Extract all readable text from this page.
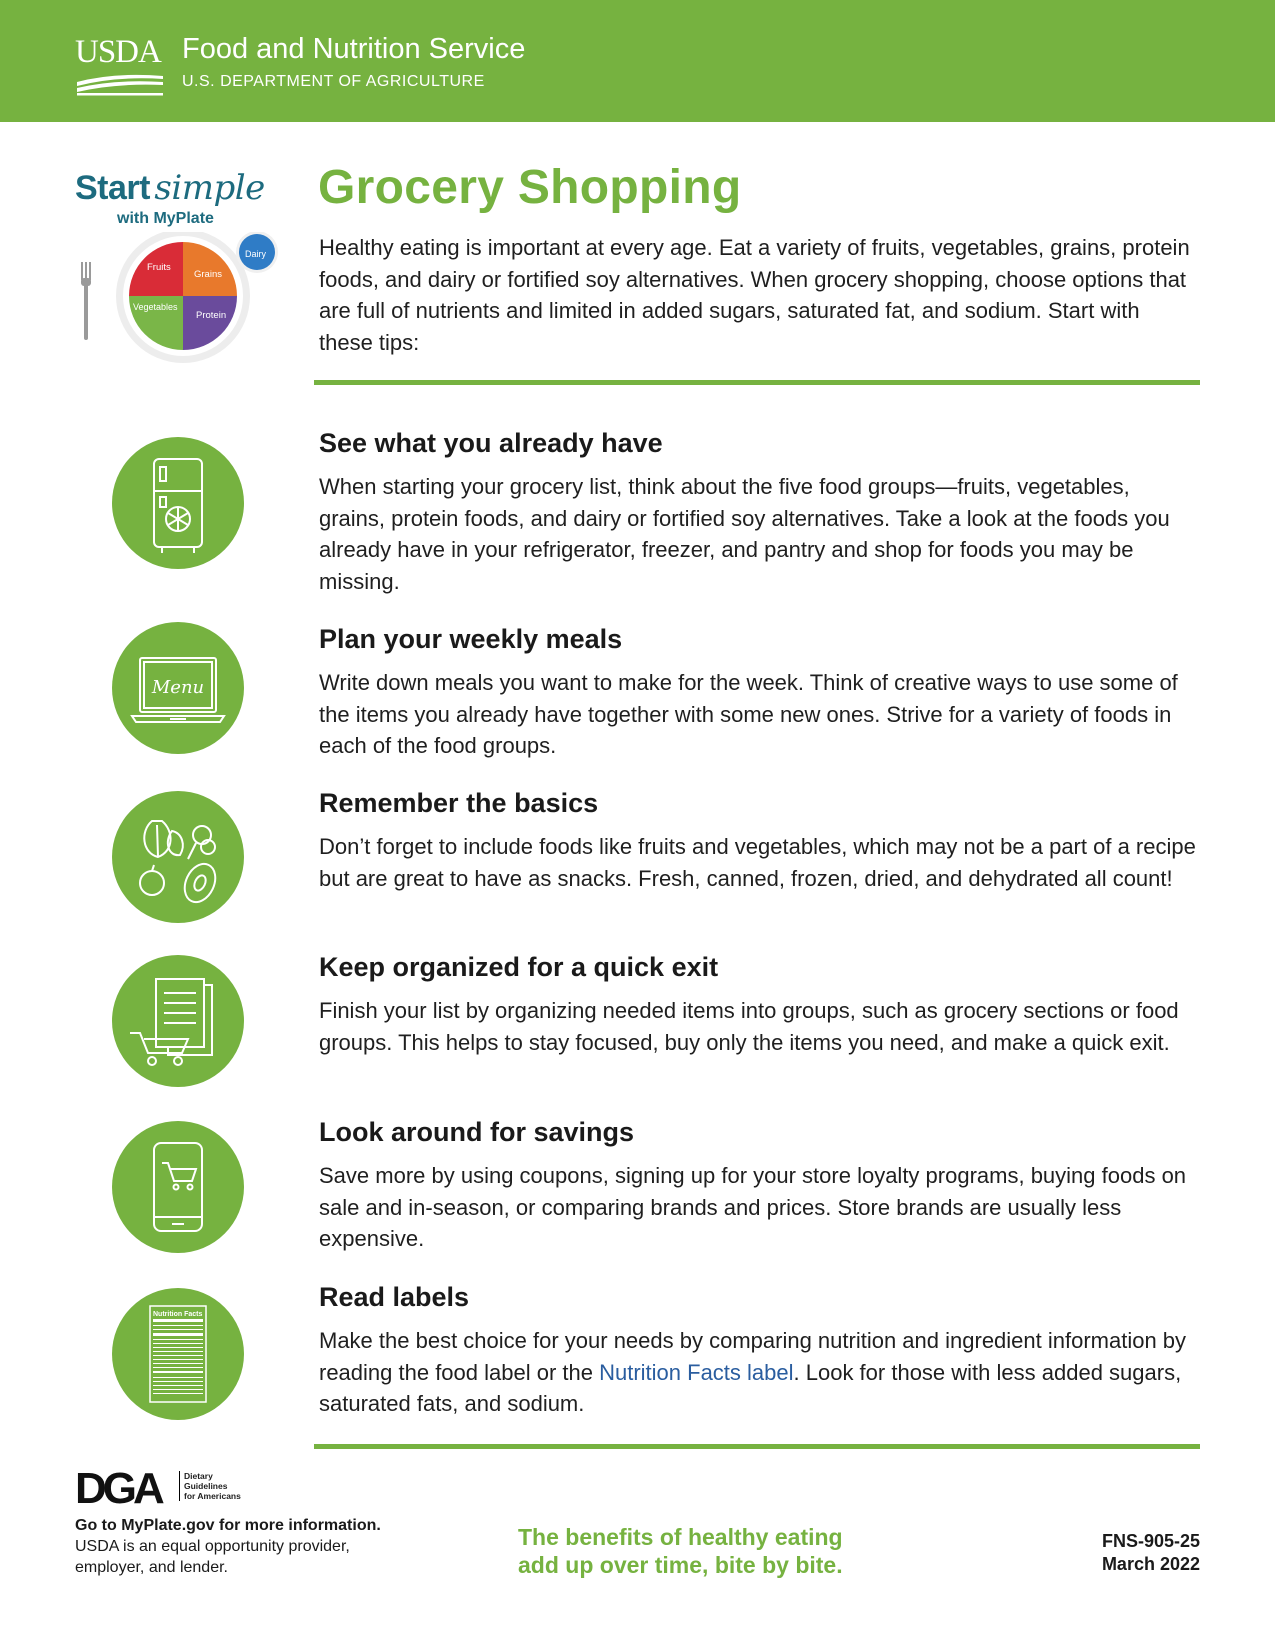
USDA Food and Nutrition Service
U.S. DEPARTMENT OF AGRICULTURE
Start simple
with MyPlate
Fruits
Grains
Vegetables
Protein
Dairy
Grocery Shopping
Healthy eating is important at every age. Eat a variety of fruits, vegetables, grains, protein foods, and dairy or fortified soy alternatives. When grocery shopping, choose options that are full of nutrients and limited in added sugars, saturated fat, and sodium. Start with these tips:
Menu
Nutrition Facts
See what you already have

When starting your grocery list, think about the five food groups—fruits, vegetables, grains, protein foods, and dairy or fortified soy alternatives. Take a look at the foods you already have in your refrigerator, freezer, and pantry and shop for foods you may be missing.

Plan your weekly meals

Write down meals you want to make for the week. Think of creative ways to use some of the items you already have together with some new ones. Strive for a variety of foods in each of the food groups.

Remember the basics

Don’t forget to include foods like fruits and vegetables, which may not be a part of a recipe but are great to have as snacks. Fresh, canned, frozen, dried, and dehydrated all count!

Keep organized for a quick exit

Finish your list by organizing needed items into groups, such as grocery sections or food groups. This helps to stay focused, buy only the items you need, and make a quick exit.

Look around for savings

Save more by using coupons, signing up for your store loyalty programs, buying foods on sale and in-season, or comparing brands and prices. Store brands are usually less expensive.

Read labels

Make the best choice for your needs by comparing nutrition and ingredient information by reading the food label or the Nutrition Facts label. Look for those with less added sugars, saturated fats, and sodium.

DGA	Dietary
Guidelines
for Americans
Go to MyPlate.gov for more information.
USDA is an equal opportunity provider, employer, and lender.
The benefits of healthy eating
add up over time, bite by bite.
FNS-905-25
March 2022
